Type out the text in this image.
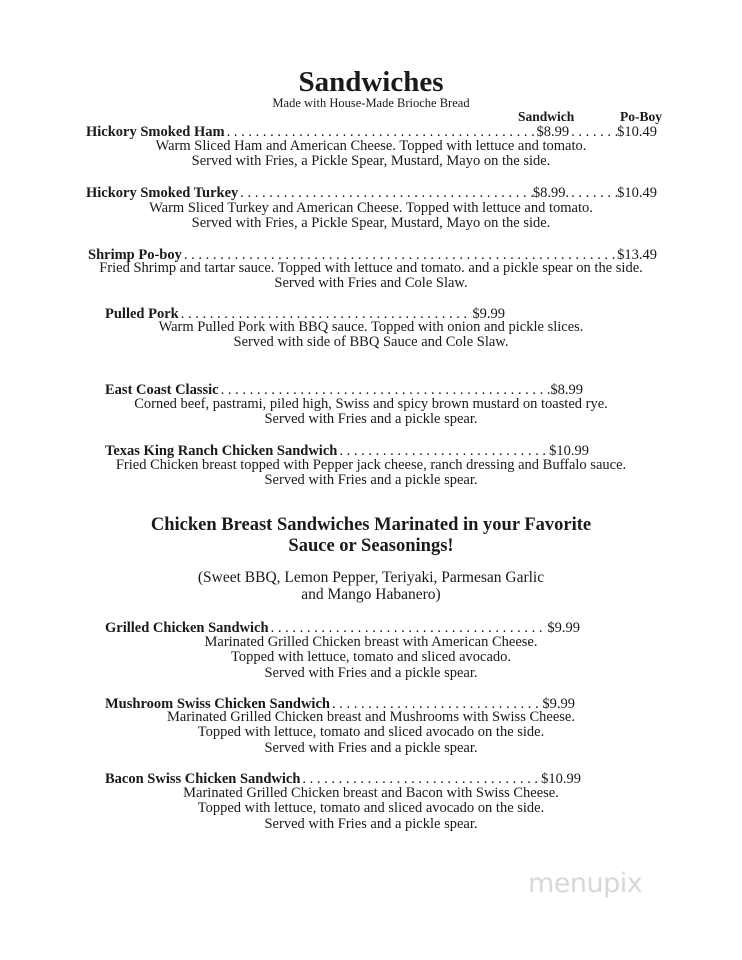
Sandwiches
Made with House-Made Brioche Bread
Sandwich	Po-Boy
Hickory Smoked Ham . . .	$8.99 . . .	$10.49
Warm Sliced Ham and American Cheese. Topped with lettuce and tomato.
Served with Fries, a Pickle Spear, Mustard, Mayo on the side.
Hickory Smoked Turkey . . .	$8.99. . . .	$10.49
Warm Sliced Turkey and American Cheese. Topped with lettuce and tomato.
Served with Fries, a Pickle Spear, Mustard, Mayo on the side.
Shrimp Po-boy . . .	$13.49
Fried Shrimp and tartar sauce. Topped with lettuce and tomato. and a pickle spear on the side.
Served with Fries and Cole Slaw.
Pulled Pork . . .	$9.99
Warm Pulled Pork with BBQ sauce. Topped with onion and pickle slices.
Served with side of BBQ Sauce and Cole Slaw.
East Coast Classic . . .	$8.99
Corned beef, pastrami, piled high, Swiss and spicy brown mustard on toasted rye.
Served with Fries and a pickle spear.
Texas King Ranch Chicken Sandwich . . .	$10.99
Fried Chicken breast topped with Pepper jack cheese, ranch dressing and Buffalo sauce.
Served with Fries and a pickle spear.
Grilled Chicken Sandwich . . .	$9.99
Marinated Grilled Chicken breast with American Cheese.
Topped with lettuce, tomato and sliced avocado.
Served with Fries and a pickle spear.
Mushroom Swiss Chicken Sandwich . . .	$9.99
Marinated Grilled Chicken breast and Mushrooms with Swiss Cheese.
Topped with lettuce, tomato and sliced avocado on the side.
Served with Fries and a pickle spear.
Bacon Swiss Chicken Sandwich . . .	$10.99
Marinated Grilled Chicken breast and Bacon with Swiss Cheese.
Topped with lettuce, tomato and sliced avocado on the side.
Served with Fries and a pickle spear.
Chicken Breast Sandwiches Marinated in your Favorite
Sauce or Seasonings!
(Sweet BBQ, Lemon Pepper, Teriyaki, Parmesan Garlic
and Mango Habanero)
menupix
